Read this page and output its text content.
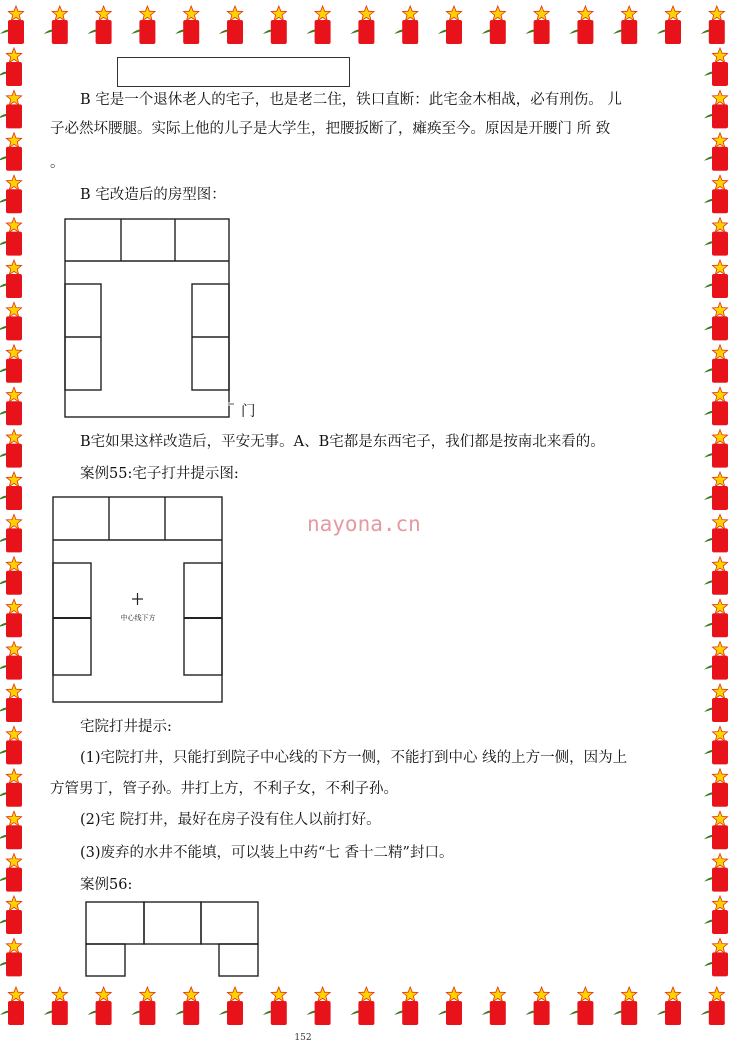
B 宅是一个退休老人的宅子，也是老二住，铁口直断：此宅金木相战，必有刑伤。 儿

子必然坏腰腿。实际上他的儿子是大学生，把腰扳断了，瘫痪至今。原因是开腰门 所 致

。

B 宅改造后的房型图：

门

B宅如果这样改造后，平安无事。A、B宅都是东西宅子，我们都是按南北来看的。

案例55:宅子打井提示图:

中心线下方
nayona.cn

宅院打井提示:

(1)宅院打井，只能打到院子中心线的下方一侧，不能打到中心 线的上方一侧，因为上

方管男丁，管子孙。井打上方，不利子女，不利子孙。

(2)宅 院打井，最好在房子没有住人以前打好。

(3)废弃的水井不能填，可以装上中药“七 香十二精”封口。

案例56:

152
